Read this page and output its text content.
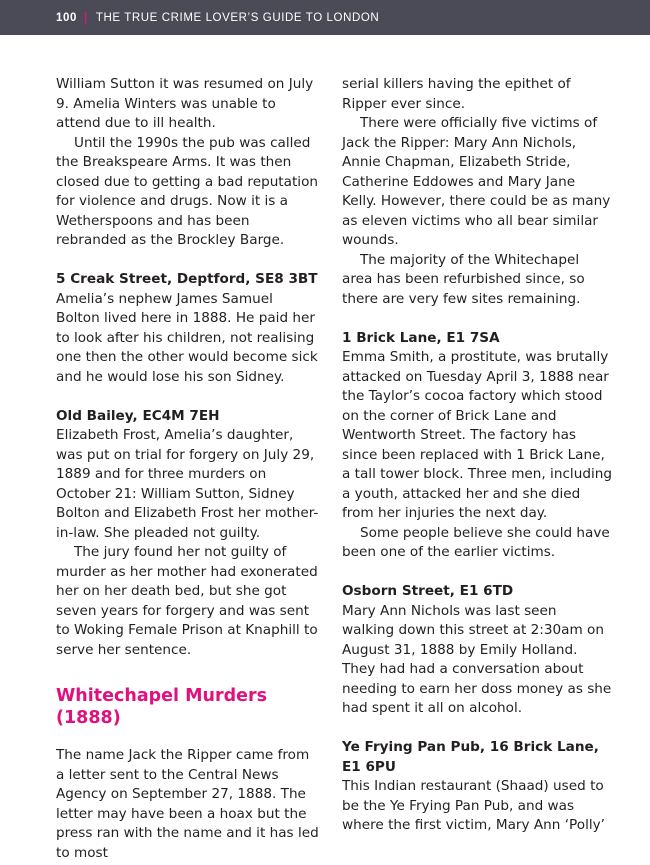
100 | THE TRUE CRIME LOVER’S GUIDE TO LONDON

William Sutton it was resumed on July 9. Amelia Winters was unable to attend due to ill health.

Until the 1990s the pub was called the Breakspeare Arms. It was then closed due to getting a bad reputation for violence and drugs. Now it is a Wetherspoons and has been rebranded as the Brockley Barge.

5 Creak Street, Deptford, SE8 3BT

Amelia’s nephew James Samuel Bolton lived here in 1888. He paid her to look after his children, not realising one then the other would become sick and he would lose his son Sidney.

Old Bailey, EC4M 7EH

Elizabeth Frost, Amelia’s daughter, was put on trial for forgery on July 29, 1889 and for three murders on October 21: William Sutton, Sidney Bolton and Elizabeth Frost her mother-in-law. She pleaded not guilty.

The jury found her not guilty of murder as her mother had exonerated her on her death bed, but she got seven years for forgery and was sent to Woking Female Prison at Knaphill to serve her sentence.

Whitechapel Murders (1888)

The name Jack the Ripper came from a letter sent to the Central News Agency on September 27, 1888. The letter may have been a hoax but the press ran with the name and it has led to most

serial killers having the epithet of Ripper ever since.

There were officially five victims of Jack the Ripper: Mary Ann Nichols, Annie Chapman, Elizabeth Stride, Catherine Eddowes and Mary Jane Kelly. However, there could be as many as eleven victims who all bear similar wounds.

The majority of the Whitechapel area has been refurbished since, so there are very few sites remaining.

1 Brick Lane, E1 7SA

Emma Smith, a prostitute, was brutally attacked on Tuesday April 3, 1888 near the Taylor’s cocoa factory which stood on the corner of Brick Lane and Wentworth Street. The factory has since been replaced with 1 Brick Lane, a tall tower block. Three men, including a youth, attacked her and she died from her injuries the next day.

Some people believe she could have been one of the earlier victims.

Osborn Street, E1 6TD

Mary Ann Nichols was last seen walking down this street at 2:30am on August 31, 1888 by Emily Holland. They had had a conversation about needing to earn her doss money as she had spent it all on alcohol.

Ye Frying Pan Pub, 16 Brick Lane, E1 6PU

This Indian restaurant (Shaad) used to be the Ye Frying Pan Pub, and was where the first victim, Mary Ann ‘Polly’
